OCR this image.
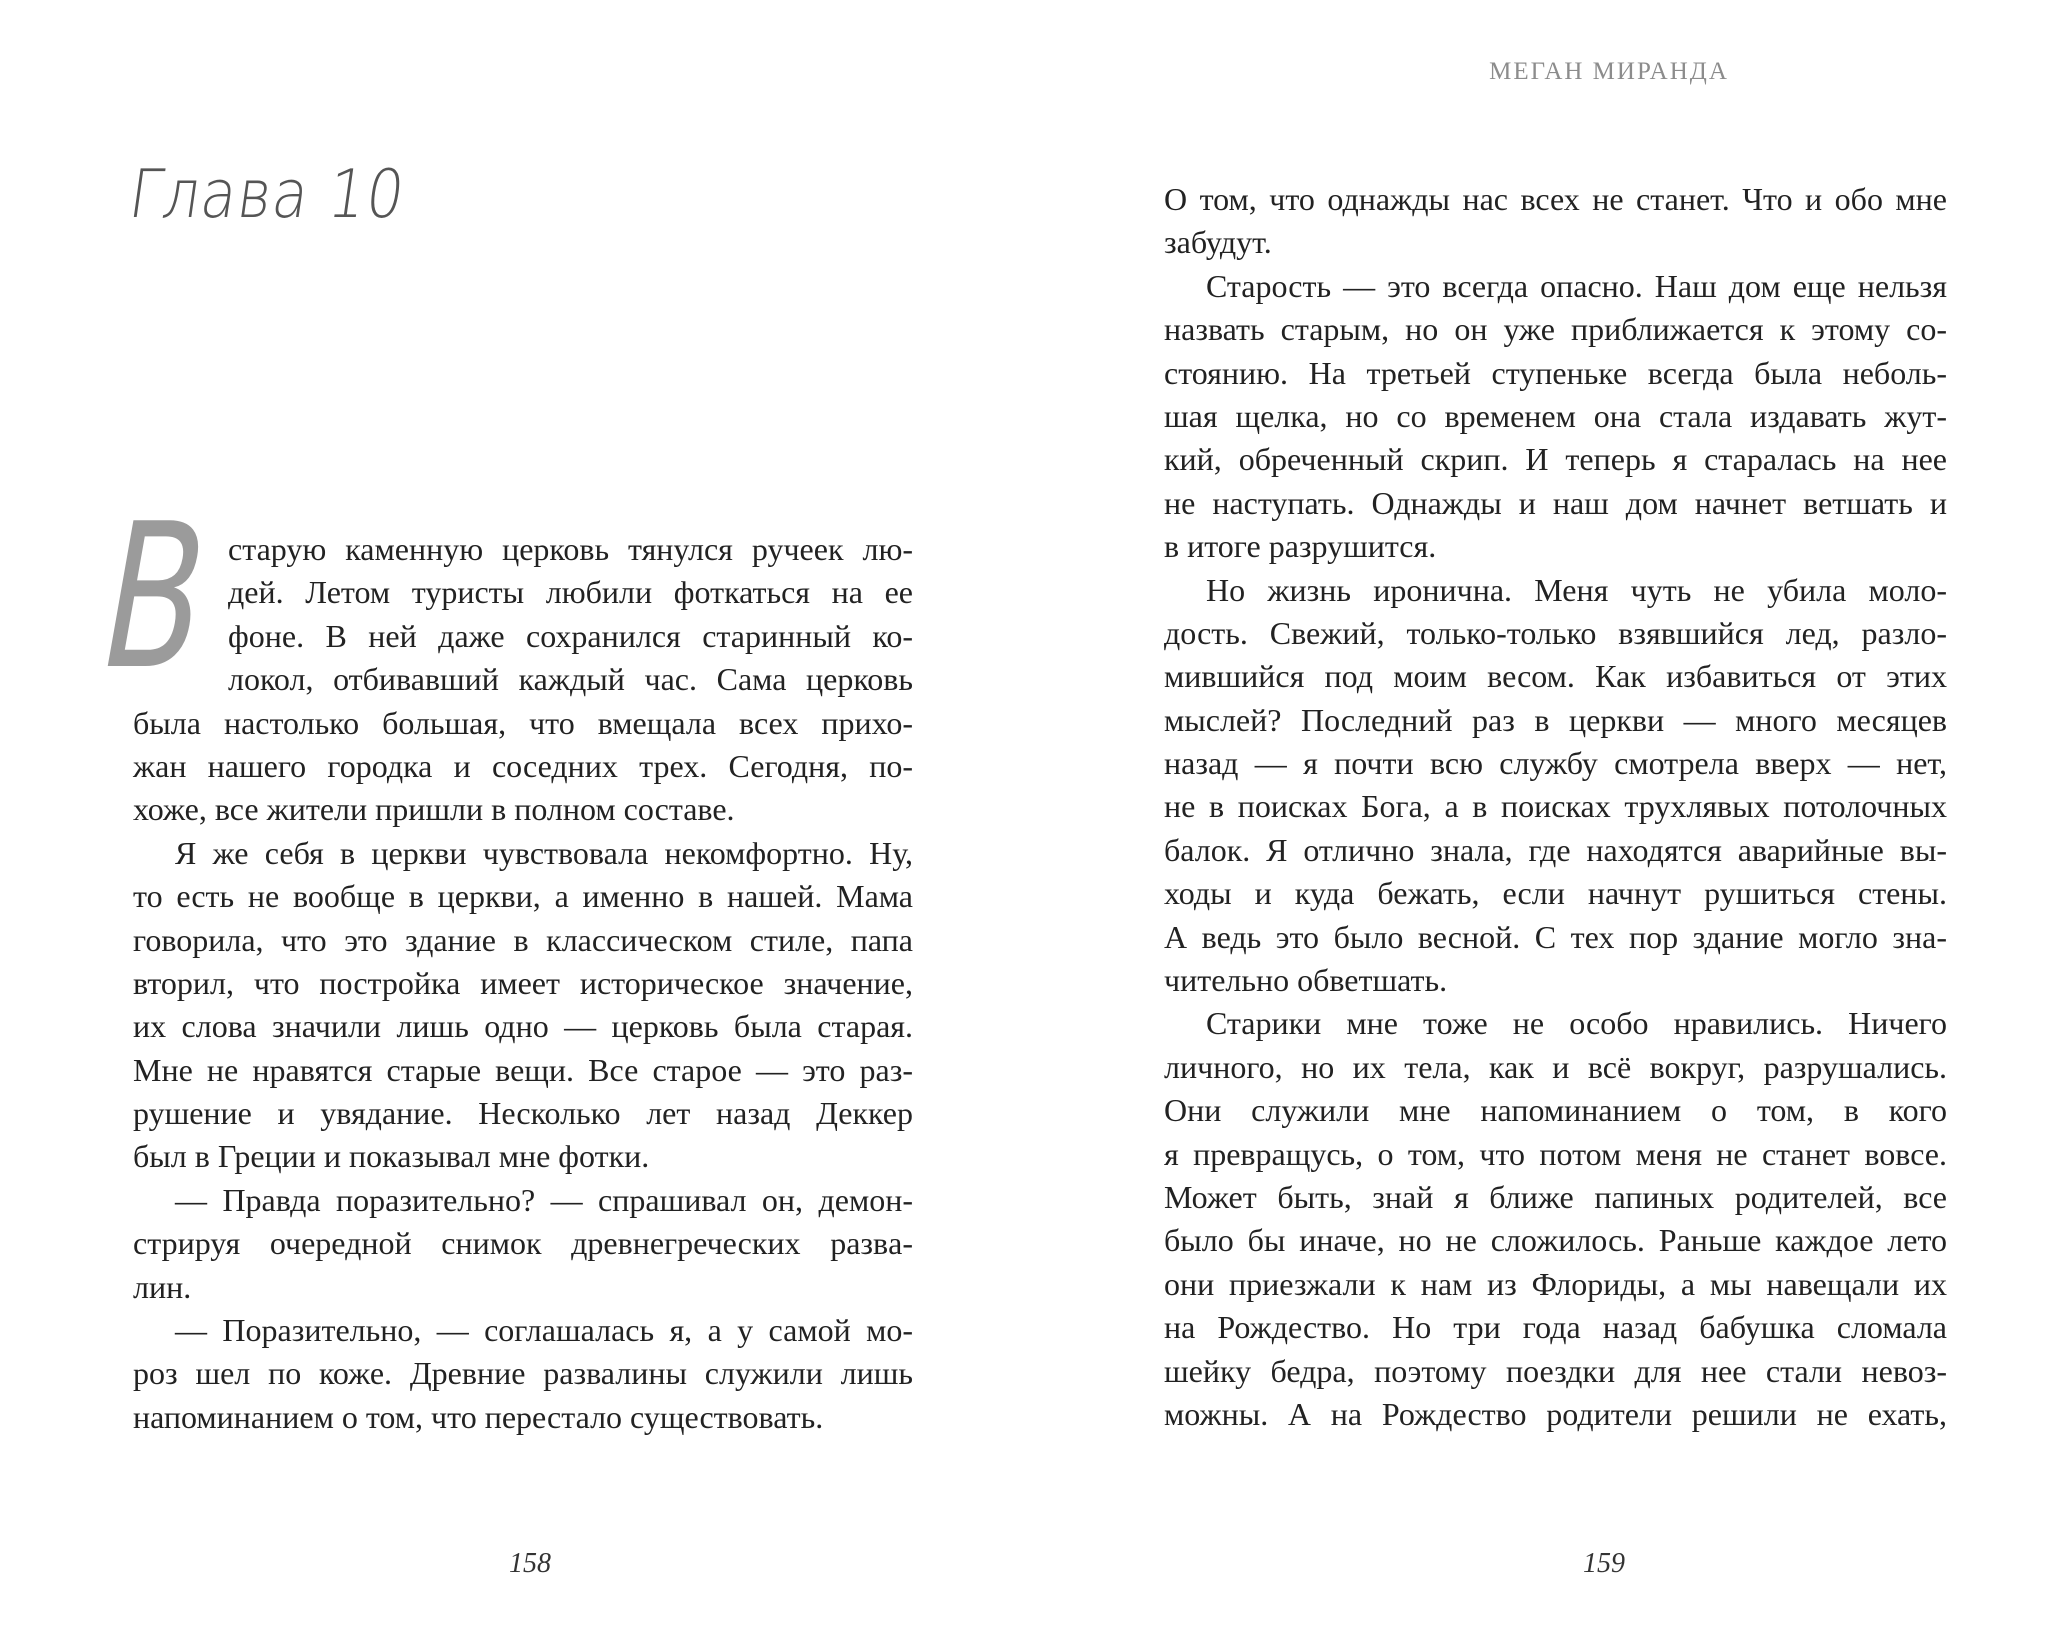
Глава 10
В старую каменную церковь тянулся ручеек лю-
дей. Летом туристы любили фоткаться на ее
фоне. В ней даже сохранился старинный ко-
локол, отбивавший каждый час. Сама церковь
была настолько большая, что вмещала всех прихо-
жан нашего городка и соседних трех. Сегодня, по-
хоже, все жители пришли в полном составе.
Я же себя в церкви чувствовала некомфортно. Ну,
то есть не вообще в церкви, а именно в нашей. Мама
говорила, что это здание в классическом стиле, папа
вторил, что постройка имеет историческое значение,
их слова значили лишь одно — церковь была старая.
Мне не нравятся старые вещи. Все старое — это раз-
рушение и увядание. Несколько лет назад Деккер
был в Греции и показывал мне фотки.
— Правда поразительно? — спрашивал он, демон-
стрируя очередной снимок древнегреческих развa-
лин.
— Поразительно, — соглашалась я, а у самой мо-
роз шел по коже. Древние развалины служили лишь
напоминанием о том, что перестало существовать.
158
МЕГАН МИРАНДА
О том, что однажды нас всех не станет. Что и обо мне
забудут.
Старость — это всегда опасно. Наш дом еще нельзя
назвать старым, но он уже приближается к этому со-
стоянию. На третьей ступеньке всегда была неболь-
шая щелка, но со временем она стала издавать жут-
кий, обреченный скрип. И теперь я старалась на нее
не наступать. Однажды и наш дом начнет ветшать и
в итоге разрушится.
Но жизнь иронична. Меня чуть не убила моло-
дость. Свежий, только-только взявшийся лед, разло-
мившийся под моим весом. Как избавиться от этих
мыслей? Последний раз в церкви — много месяцев
назад — я почти всю службу смотрела вверх — нет,
не в поисках Бога, а в поисках трухлявых потолочных
балок. Я отлично знала, где находятся аварийные вы-
ходы и куда бежать, если начнут рушиться стены.
А ведь это было весной. С тех пор здание могло зна-
чительно обветшать.
Старики мне тоже не особо нравились. Ничего
личного, но их тела, как и всё вокруг, разрушались.
Они служили мне напоминанием о том, в кого
я превращусь, о том, что потом меня не станет вовсе.
Может быть, знай я ближе папиных родителей, все
было бы иначе, но не сложилось. Раньше каждое лето
они приезжали к нам из Флориды, а мы навещали их
на Рождество. Но три года назад бабушка сломала
шейку бедра, поэтому поездки для нее стали невоз-
можны. А на Рождество родители решили не ехать,
159
